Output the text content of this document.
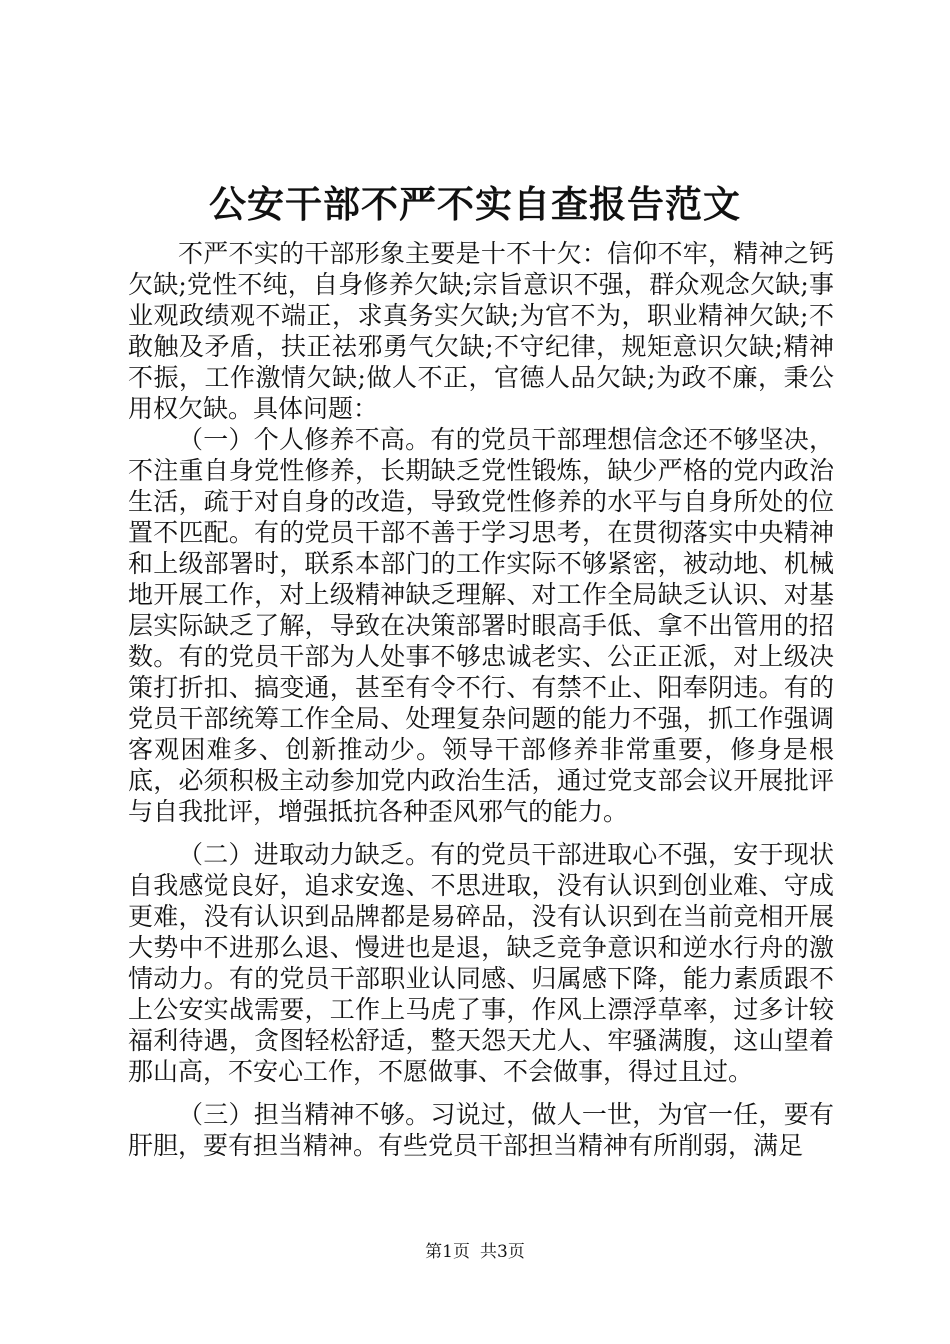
公安干部不严不实自查报告范文

不严不实的干部形象主要是十不十欠：信仰不牢，精神之钙欠缺;党性不纯，自身修养欠缺;宗旨意识不强，群众观念欠缺;事业观政绩观不端正，求真务实欠缺;为官不为，职业精神欠缺;不敢触及矛盾，扶正祛邪勇气欠缺;不守纪律，规矩意识欠缺;精神不振，工作激情欠缺;做人不正，官德人品欠缺;为政不廉，秉公用权欠缺。具体问题：

（一）个人修养不高。有的党员干部理想信念还不够坚决，不注重自身党性修养，长期缺乏党性锻炼，缺少严格的党内政治生活，疏于对自身的改造，导致党性修养的水平与自身所处的位置不匹配。有的党员干部不善于学习思考，在贯彻落实中央精神和上级部署时，联系本部门的工作实际不够紧密，被动地、机械地开展工作，对上级精神缺乏理解、对工作全局缺乏认识、对基层实际缺乏了解，导致在决策部署时眼高手低、拿不出管用的招数。有的党员干部为人处事不够忠诚老实、公正正派，对上级决策打折扣、搞变通，甚至有令不行、有禁不止、阳奉阴违。有的党员干部统筹工作全局、处理复杂问题的能力不强，抓工作强调客观困难多、创新推动少。领导干部修养非常重要，修身是根底，必须积极主动参加党内政治生活，通过党支部会议开展批评与自我批评，增强抵抗各种歪风邪气的能力。

（二）进取动力缺乏。有的党员干部进取心不强，安于现状自我感觉良好，追求安逸、不思进取，没有认识到创业难、守成更难，没有认识到品牌都是易碎品，没有认识到在当前竞相开展大势中不进那么退、慢进也是退，缺乏竞争意识和逆水行舟的激情动力。有的党员干部职业认同感、归属感下降，能力素质跟不上公安实战需要，工作上马虎了事，作风上漂浮草率，过多计较福利待遇，贪图轻松舒适，整天怨天尤人、牢骚满腹，这山望着那山高，不安心工作，不愿做事、不会做事，得过且过。

（三）担当精神不够。习说过，做人一世，为官一任，要有肝胆，要有担当精神。有些党员干部担当精神有所削弱，满足

第1页 共3页
